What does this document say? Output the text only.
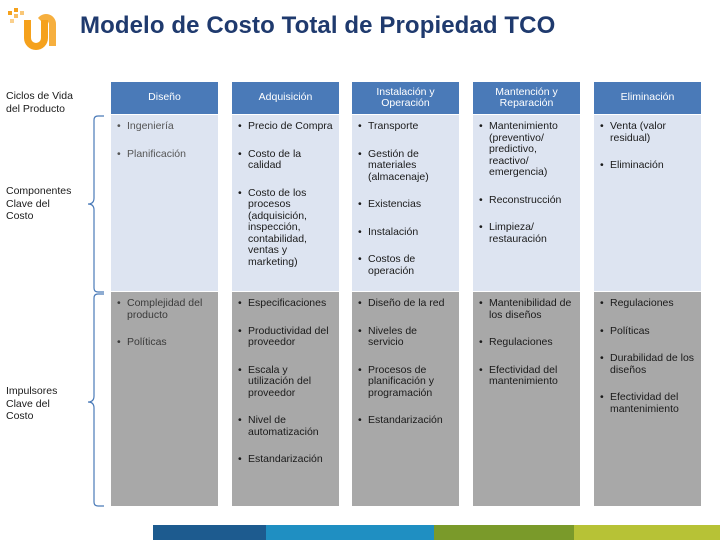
Modelo de Costo Total de Propiedad TCO
Ciclos de Vida del Producto
Componentes Clave del Costo
Impulsores Clave del Costo
Diseño
• Ingeniería
• Planificación
• Complejidad del producto
• Políticas
Adquisición
• Precio de Compra
• Costo de la calidad
• Costo de los procesos (adquisición, inspección, contabilidad, ventas y marketing)
• Especificaciones
• Productividad del proveedor
• Escala y utilización del proveedor
• Nivel de automatización
• Estandarización
Instalación y Operación
• Transporte
• Gestión de materiales (almacenaje)
• Existencias
• Instalación
• Costos de operación
• Diseño de la red
• Niveles de servicio
• Procesos de planificación y programación
• Estandarización
Mantención y Reparación
• Mantenimiento (preventivo/ predictivo, reactivo/ emergencia)
• Reconstrucción
• Limpieza/ restauración
• Mantenibilidad de los diseños
• Regulaciones
• Efectividad del mantenimiento
Eliminación
• Venta (valor residual)
• Eliminación
• Regulaciones
• Políticas
• Durabilidad de los diseños
• Efectividad del mantenimiento
